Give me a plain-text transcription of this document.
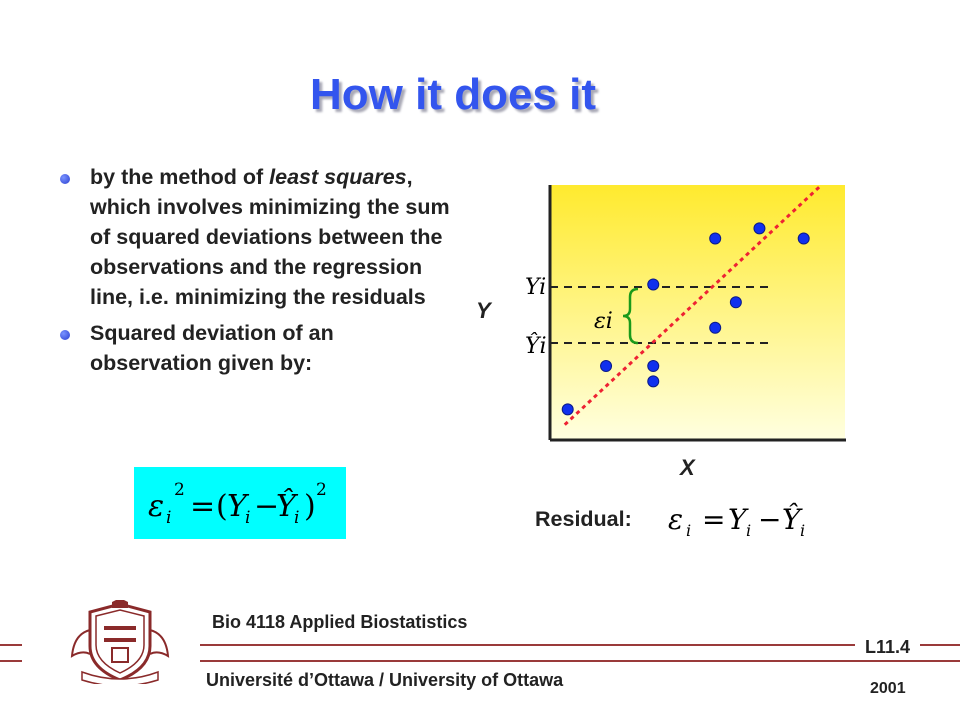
How it does it
by the method of least squares, which involves minimizing the sum of squared deviations between the observations and the regression line, i.e. minimizing the residuals
Squared deviation of an observation given by:
ε i
2 = ( Y
i −
Ŷ
i ) 2
Yi
Ŷi
εi
Y
X
Residual: ε i = Y i − Ŷ i
Bio 4118 Applied Biostatistics
Université d’Ottawa / University of Ottawa
L11.4
2001
